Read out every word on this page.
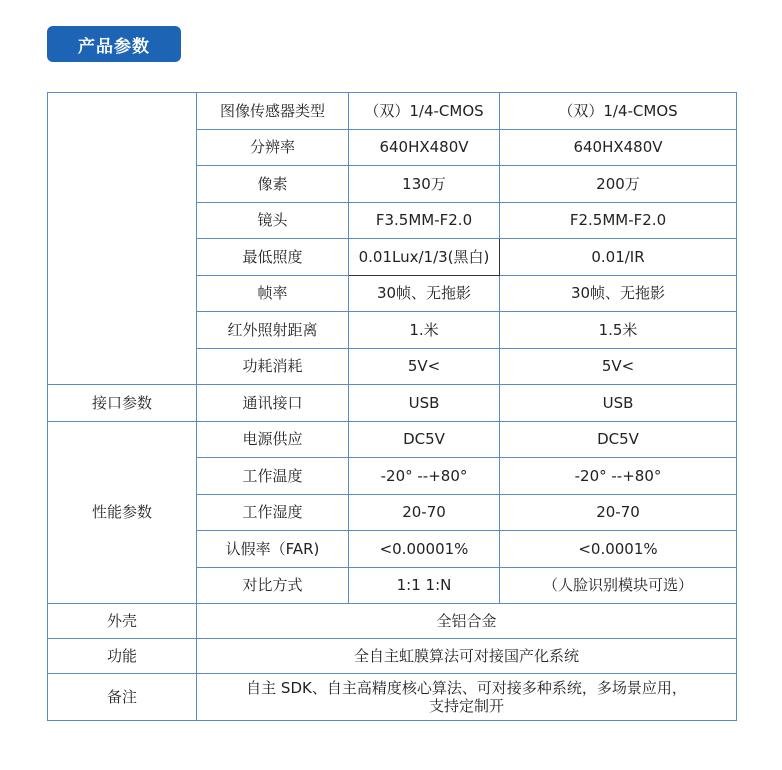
产品参数
	图像传感器类型	（双）1/4-CMOS	（双）1/4-CMOS
	分辨率	640HX480V	640HX480V
	像素	130万	200万
	镜头	F3.5MM-F2.0	F2.5MM-F2.0
	最低照度	0.01Lux/1/3(黑白)	0.01/IR
	帧率	30帧、无拖影	30帧、无拖影
	红外照射距离	1.米	1.5米
	功耗消耗	5V<	5V<
接口参数	通讯接口	USB	USB
性能参数	电源供应	DC5V	DC5V
	工作温度	-20° --+80°	-20° --+80°
	工作湿度	20-70	20-70
	认假率（FAR)	<0.00001%	<0.0001%
	对比方式	1:1 1:N	（人脸识别模块可选）
外壳	全铝合金		
功能	全自主虹膜算法可对接国产化系统		
备注	自主 SDK、自主高精度核心算法、可对接多种系统，多场景应用，
支持定制开		
